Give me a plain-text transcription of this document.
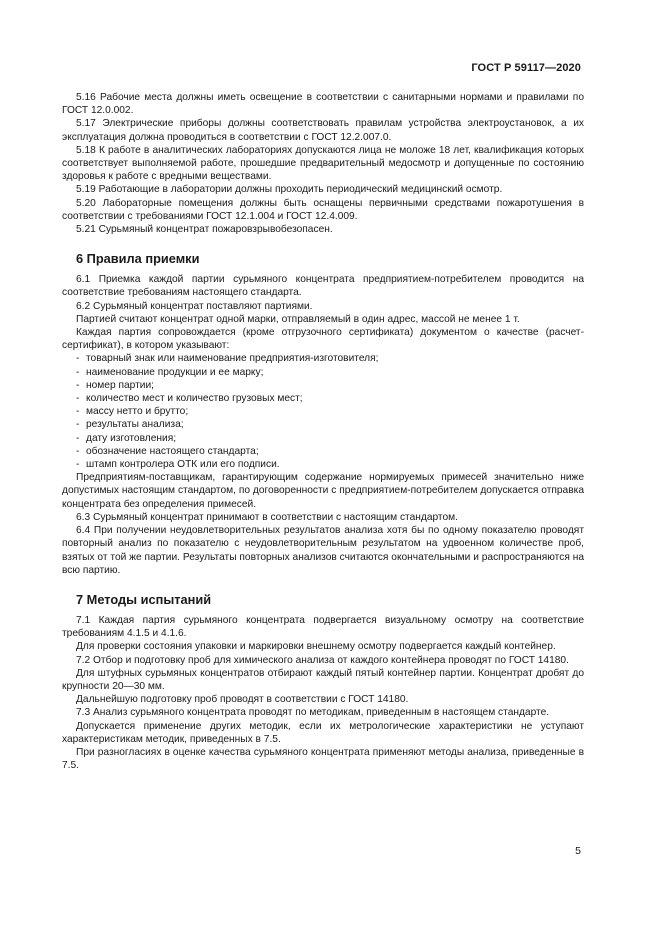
ГОСТ Р 59117—2020

5.16 Рабочие места должны иметь освещение в соответствии с санитарными нормами и правилами по ГОСТ 12.0.002.

5.17 Электрические приборы должны соответствовать правилам устройства электроустановок, а их эксплуатация должна проводиться в соответствии с ГОСТ 12.2.007.0.

5.18 К работе в аналитических лабораториях допускаются лица не моложе 18 лет, квалификация которых соответствует выполняемой работе, прошедшие предварительный медосмотр и допущенные по состоянию здоровья к работе с вредными веществами.

5.19 Работающие в лаборатории должны проходить периодический медицинский осмотр.

5.20 Лабораторные помещения должны быть оснащены первичными средствами пожаротушения в соответствии с требованиями ГОСТ 12.1.004 и ГОСТ 12.4.009.

5.21 Сурьмяный концентрат пожаровзрывобезопасен.

6 Правила приемки

6.1 Приемка каждой партии сурьмяного концентрата предприятием-потребителем проводится на соответствие требованиям настоящего стандарта.

6.2 Сурьмяный концентрат поставляют партиями.

Партией считают концентрат одной марки, отправляемый в один адрес, массой не менее 1 т.

Каждая партия сопровождается (кроме отгрузочного сертификата) документом о качестве (расчет-сертификат), в котором указывают:

- товарный знак или наименование предприятия-изготовителя;
- наименование продукции и ее марку;
- номер партии;
- количество мест и количество грузовых мест;
- массу нетто и брутто;
- результаты анализа;
- дату изготовления;
- обозначение настоящего стандарта;
- штамп контролера ОТК или его подписи.

Предприятиям-поставщикам, гарантирующим содержание нормируемых примесей значительно ниже допустимых настоящим стандартом, по договоренности с предприятием-потребителем допускается отправка концентрата без определения примесей.

6.3 Сурьмяный концентрат принимают в соответствии с настоящим стандартом.

6.4 При получении неудовлетворительных результатов анализа хотя бы по одному показателю проводят повторный анализ по показателю с неудовлетворительным результатом на удвоенном количестве проб, взятых от той же партии. Результаты повторных анализов считаются окончательными и распространяются на всю партию.

7 Методы испытаний

7.1 Каждая партия сурьмяного концентрата подвергается визуальному осмотру на соответствие требованиям 4.1.5 и 4.1.6.

Для проверки состояния упаковки и маркировки внешнему осмотру подвергается каждый контейнер.

7.2 Отбор и подготовку проб для химического анализа от каждого контейнера проводят по ГОСТ 14180.

Для штуфных сурьмяных концентратов отбирают каждый пятый контейнер партии. Концентрат дробят до крупности 20—30 мм.

Дальнейшую подготовку проб проводят в соответствии с ГОСТ 14180.

7.3 Анализ сурьмяного концентрата проводят по методикам, приведенным в настоящем стандарте.

Допускается применение других методик, если их метрологические характеристики не уступают характеристикам методик, приведенных в 7.5.

При разногласиях в оценке качества сурьмяного концентрата применяют методы анализа, приведенные в 7.5.

5
